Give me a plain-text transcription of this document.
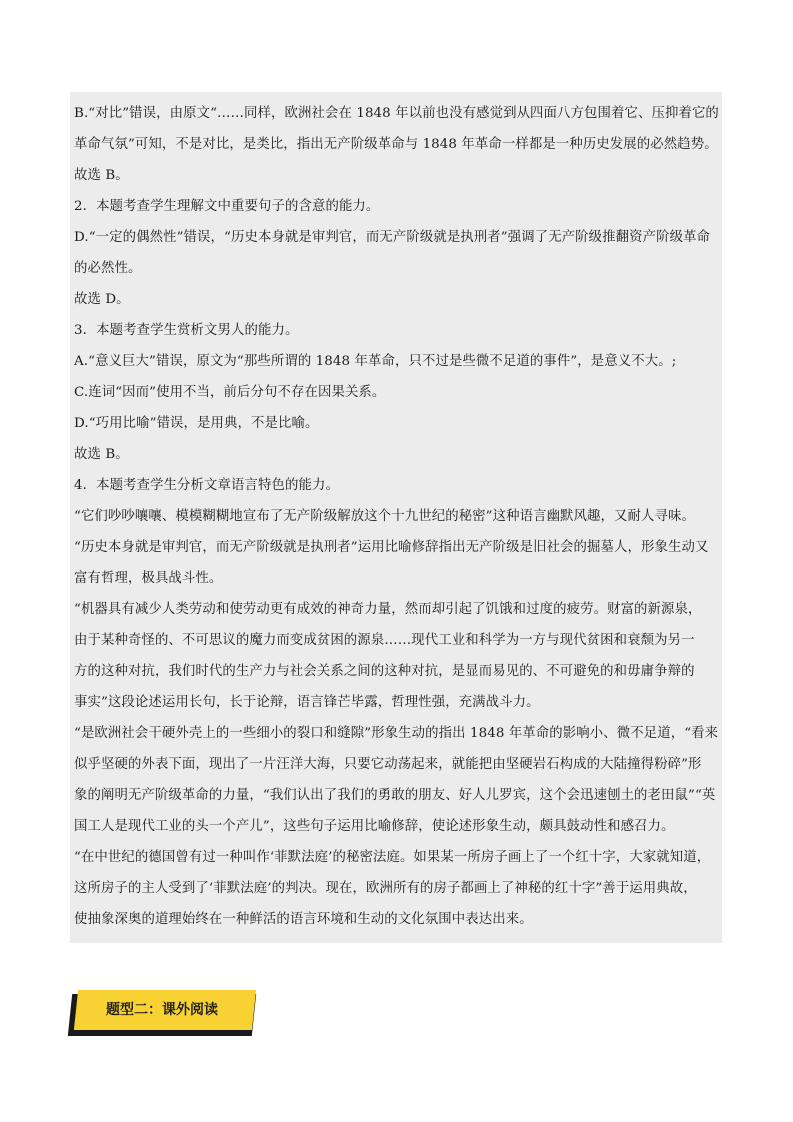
B.“对比”错误，由原文“……同样，欧洲社会在 1848 年以前也没有感觉到从四面八方包围着它、压抑着它的
革命气氛”可知，不是对比，是类比，指出无产阶级革命与 1848 年革命一样都是一种历史发展的必然趋势。
故选 B。
2．本题考查学生理解文中重要句子的含意的能力。
D.“一定的偶然性”错误，“历史本身就是审判官，而无产阶级就是执刑者”强调了无产阶级推翻资产阶级革命
的必然性。
故选 D。
3．本题考查学生赏析文男人的能力。
A.“意义巨大”错误，原文为“那些所谓的 1848 年革命，只不过是些微不足道的事件”，是意义不大。;
C.连词“因而”使用不当，前后分句不存在因果关系。
D.“巧用比喻”错误，是用典，不是比喻。
故选 B。
4．本题考查学生分析文章语言特色的能力。
“它们吵吵嚷嚷、模模糊糊地宣布了无产阶级解放这个十九世纪的秘密”这种语言幽默风趣，又耐人寻味。
“历史本身就是审判官，而无产阶级就是执刑者”运用比喻修辞指出无产阶级是旧社会的掘墓人，形象生动又
富有哲理，极具战斗性。
“机器具有减少人类劳动和使劳动更有成效的神奇力量，然而却引起了饥饿和过度的疲劳。财富的新源泉，
由于某种奇怪的、不可思议的魔力而变成贫困的源泉……现代工业和科学为一方与现代贫困和衰颓为另一
方的这种对抗，我们时代的生产力与社会关系之间的这种对抗，是显而易见的、不可避免的和毋庸争辩的
事实”这段论述运用长句，长于论辩，语言锋芒毕露，哲理性强，充满战斗力。
“是欧洲社会干硬外壳上的一些细小的裂口和缝隙”形象生动的指出 1848 年革命的影响小、微不足道，“看来
似乎坚硬的外表下面，现出了一片汪洋大海，只要它动荡起来，就能把由坚硬岩石构成的大陆撞得粉碎”形
象的阐明无产阶级革命的力量，“我们认出了我们的勇敢的朋友、好人儿罗宾，这个会迅速刨土的老田鼠”“英
国工人是现代工业的头一个产儿”，这些句子运用比喻修辞，使论述形象生动，颇具鼓动性和感召力。
“在中世纪的德国曾有过一种叫作‘菲默法庭’的秘密法庭。如果某一所房子画上了一个红十字，大家就知道，
这所房子的主人受到了‘菲默法庭’的判决。现在，欧洲所有的房子都画上了神秘的红十字”善于运用典故，
使抽象深奥的道理始终在一种鲜活的语言环境和生动的文化氛围中表达出来。
题型二：课外阅读
